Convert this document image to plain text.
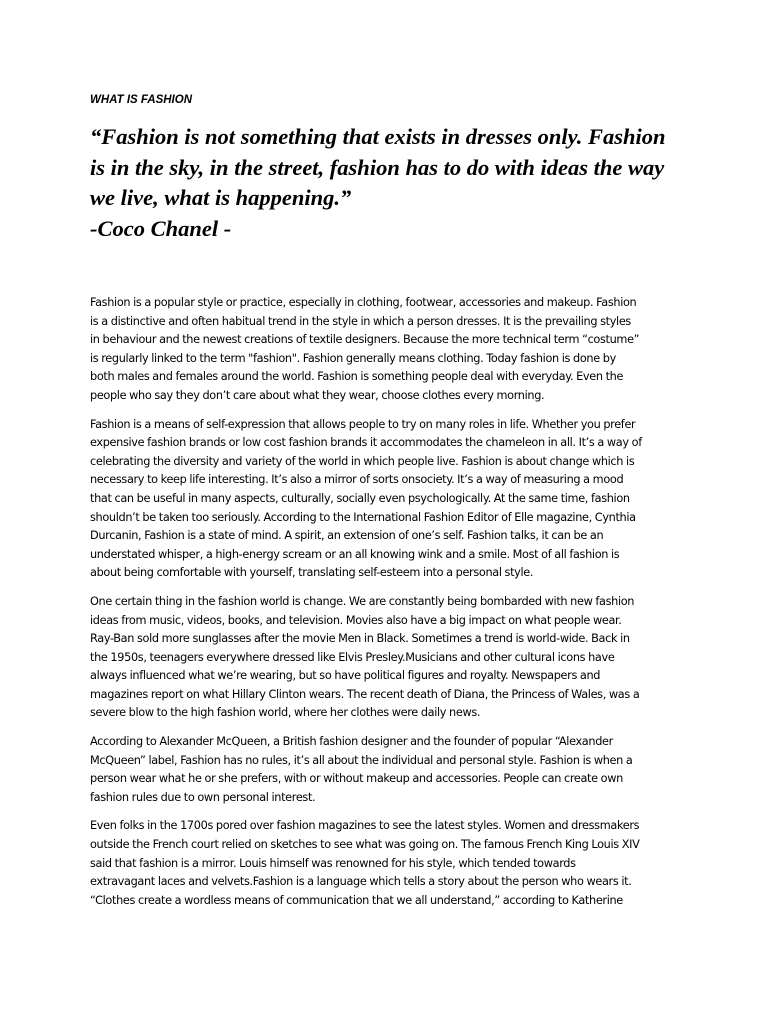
WHAT IS FASHION
“Fashion is not something that exists in dresses only. Fashion
is in the sky, in the street, fashion has to do with ideas the way
we live, what is happening.”
-Coco Chanel -
Fashion is a popular style or practice, especially in clothing, footwear, accessories and makeup. Fashion
is a distinctive and often habitual trend in the style in which a person dresses. It is the prevailing styles
in behaviour and the newest creations of textile designers. Because the more technical term “costume”
is regularly linked to the term "fashion". Fashion generally means clothing. Today fashion is done by
both males and females around the world. Fashion is something people deal with everyday. Even the
people who say they don’t care about what they wear, choose clothes every morning.
Fashion is a means of self-expression that allows people to try on many roles in life. Whether you prefer
expensive fashion brands or low cost fashion brands it accommodates the chameleon in all. It’s a way of
celebrating the diversity and variety of the world in which people live. Fashion is about change which is
necessary to keep life interesting. It’s also a mirror of sorts onsociety. It’s a way of measuring a mood
that can be useful in many aspects, culturally, socially even psychologically. At the same time, fashion
shouldn’t be taken too seriously. According to the International Fashion Editor of Elle magazine, Cynthia
Durcanin, Fashion is a state of mind. A spirit, an extension of one’s self. Fashion talks, it can be an
understated whisper, a high-energy scream or an all knowing wink and a smile. Most of all fashion is
about being comfortable with yourself, translating self-esteem into a personal style.
One certain thing in the fashion world is change. We are constantly being bombarded with new fashion
ideas from music, videos, books, and television. Movies also have a big impact on what people wear.
Ray-Ban sold more sunglasses after the movie Men in Black. Sometimes a trend is world-wide. Back in
the 1950s, teenagers everywhere dressed like Elvis Presley.Musicians and other cultural icons have
always influenced what we’re wearing, but so have political figures and royalty. Newspapers and
magazines report on what Hillary Clinton wears. The recent death of Diana, the Princess of Wales, was a
severe blow to the high fashion world, where her clothes were daily news.
According to Alexander McQueen, a British fashion designer and the founder of popular “Alexander
McQueen” label, Fashion has no rules, it’s all about the individual and personal style. Fashion is when a
person wear what he or she prefers, with or without makeup and accessories. People can create own
fashion rules due to own personal interest.
Even folks in the 1700s pored over fashion magazines to see the latest styles. Women and dressmakers
outside the French court relied on sketches to see what was going on. The famous French King Louis XIV
said that fashion is a mirror. Louis himself was renowned for his style, which tended towards
extravagant laces and velvets.Fashion is a language which tells a story about the person who wears it.
“Clothes create a wordless means of communication that we all understand,” according to Katherine
